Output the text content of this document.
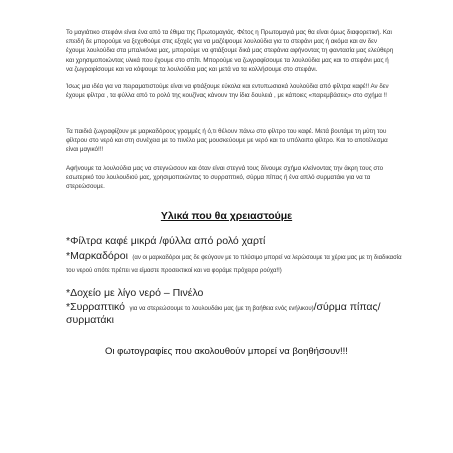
Το μαγιάτικο στεφάνι είναι ένα από τα έθιμα της Πρωτομαγιάς. Φέτος η Πρωτομαγιά μας θα είναι όμως διαφορετική. Και επειδή δε μπορούμε να ξεχυθούμε στις εξοχές για να μαζέψουμε λουλούδια για το στεφάνι μας ή ακόμα και αν δεν έχουμε λουλούδια στα μπαλκόνια μας, μπορούμε να φτιάξουμε δικά μας στεφάνια αφήνοντας τη φαντασία μας ελεύθερη και χρησιμοποιώντας υλικά που έχουμε στο σπίτι. Μπορούμε να ζωγραφίσουμε τα λουλούδια μας και το στεφάνι μας ή να ζωγραφίσουμε και να κόψουμε τα λουλούδια μας και μετά να τα κολλήσουμε στο στεφάνι.
Ίσως μια ιδέα για να πειραματιστούμε είναι να φτιάξουμε εύκολα και εντυπωσιακά λουλούδια από φίλτρα καφέ!! Αν δεν έχουμε φίλτρα , τα φύλλα από το ρολό της κουζίνας κάνουν την ίδια δουλειά , με κάποιες «παρεμβάσεις» στο σχήμα !!
Τα παιδιά ζωγραφίζουν με μαρκαδόρους γραμμές ή ό,τι θέλουν πάνω στο φίλτρο του καφέ. Μετά βουτάμε τη μύτη του φίλτρου στο νερό και στη συνέχεια με το πινέλο μας μουσκεύουμε με νερό και το υπόλοιπο φίλτρο. Και το αποτέλεσμα είναι μαγικό!!!
Αφήνουμε τα λουλούδια μας να στεγνώσουν και όταν είναι στεγνά τους δίνουμε σχήμα κλείνοντας την άκρη τους στο εσωτερικό του λουλουδιού μας, χρησιμοποιώντας το συρραπτικό, σύρμα πίπας ή ένα απλό συρματάκι για να τα στερεώσουμε.
Υλικά που θα χρειαστούμε
*Φίλτρα καφέ μικρά /φύλλα από ρολό χαρτί
*Μαρκαδόροι (αν οι μαρκαδόροι μας δε φεύγουν με το πλύσιμο μπορεί να λερώσουμε τα χέρια μας με τη διαδικασία του νερού οπότε πρέπει να είμαστε προσεκτικοί και να φοράμε πρόχειρα ρούχα!!)
*Δοχείο με λίγο νερό – Πινέλο
*Συρραπτικό για να στερεώσουμε το λουλουδάκι μας (με τη βοήθεια ενός ενήλικου)/σύρμα πίπας/συρματάκι
Οι φωτογραφίες που ακολουθούν μπορεί να βοηθήσουν!!!
